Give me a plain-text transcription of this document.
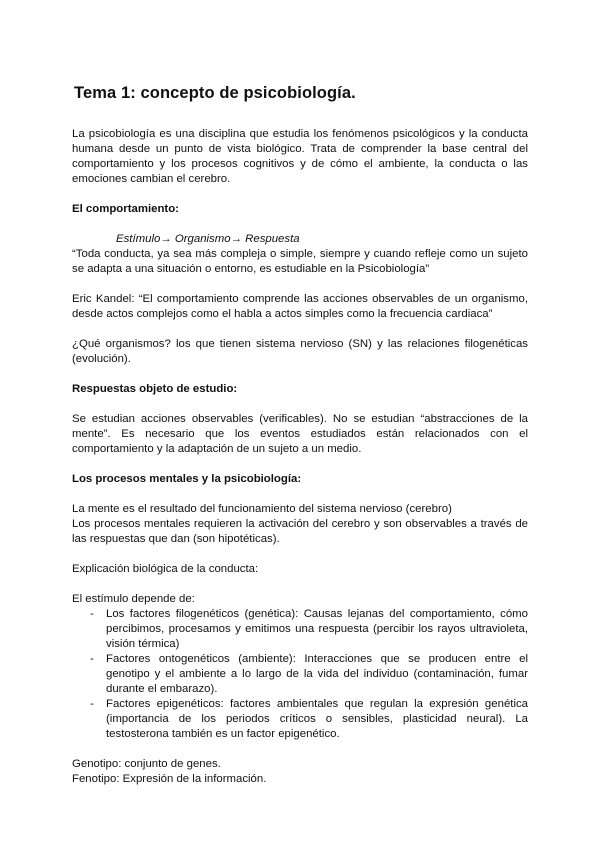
Tema 1: concepto de psicobiología.

La psicobiología es una disciplina que estudia los fenómenos psicológicos y la conducta humana desde un punto de vista biológico. Trata de comprender la base central del comportamiento y los procesos cognitivos y de cómo el ambiente, la conducta o las emociones cambian el cerebro.

El comportamiento:

Estímulo→ Organismo→ Respuesta

“Toda conducta, ya sea más compleja o simple, siempre y cuando refleje como un sujeto se adapta a una situación o entorno, es estudiable en la Psicobiología”

Eric Kandel: “El comportamiento comprende las acciones observables de un organismo, desde actos complejos como el habla a actos simples como la frecuencia cardiaca”

¿Qué organismos? los que tienen sistema nervioso (SN) y las relaciones filogenéticas (evolución).

Respuestas objeto de estudio:

Se estudian acciones observables (verificables). No se estudian “abstracciones de la mente”. Es necesario que los eventos estudiados están relacionados con el comportamiento y la adaptación de un sujeto a un medio.

Los procesos mentales y la psicobiología:

La mente es el resultado del funcionamiento del sistema nervioso (cerebro)

Los procesos mentales requieren la activación del cerebro y son observables a través de las respuestas que dan (son hipotéticas).

Explicación biológica de la conducta:

El estímulo depende de:

- Los factores filogenéticos (genética): Causas lejanas del comportamiento, cómo percibimos, procesamos y emitimos una respuesta (percibir los rayos ultravioleta, visión térmica)
- Factores ontogenéticos (ambiente): Interacciones que se producen entre el genotipo y el ambiente a lo largo de la vida del individuo (contaminación, fumar durante el embarazo).
- Factores epigenéticos: factores ambientales que regulan la expresión genética (importancia de los periodos críticos o sensibles, plasticidad neural). La testosterona también es un factor epigenético.

Genotipo: conjunto de genes.

Fenotipo: Expresión de la información.
